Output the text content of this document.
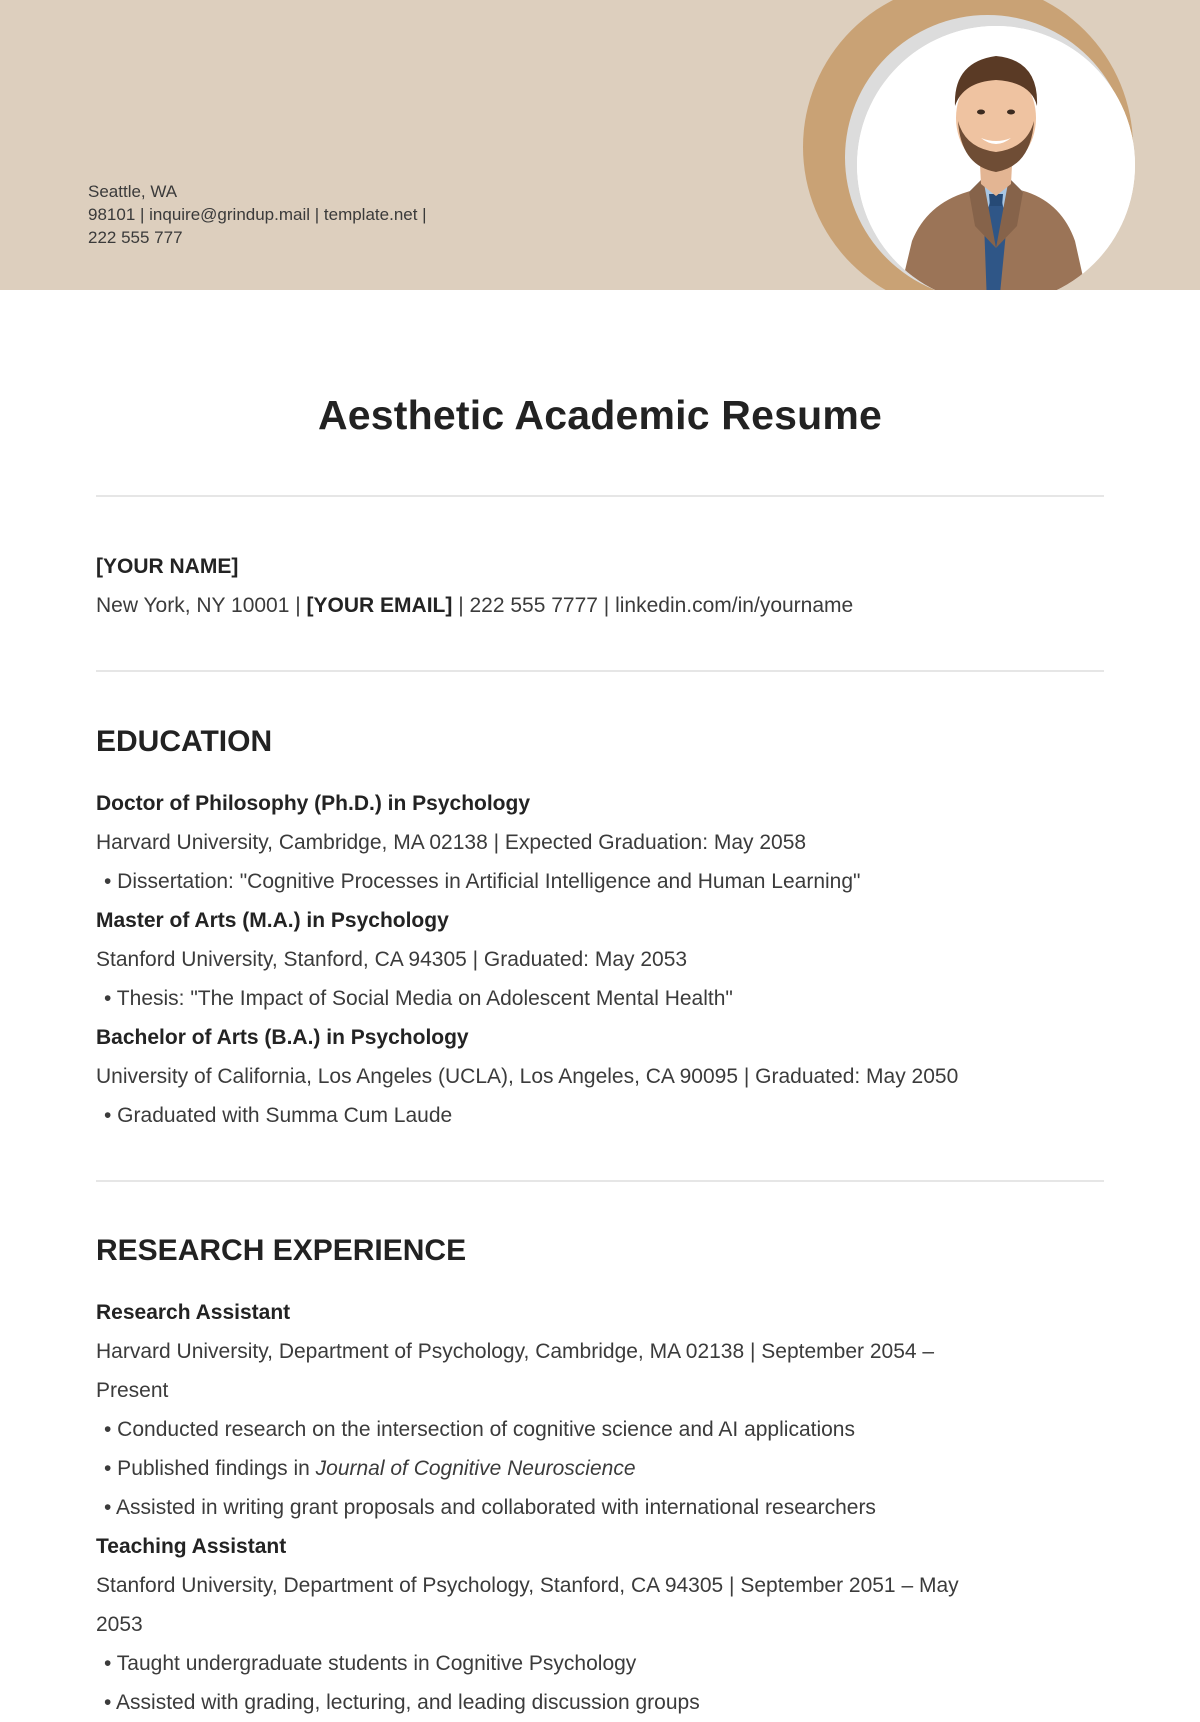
Seattle, WA
98101 | inquire@grindup.mail | template.net |
222 555 777
Aesthetic Academic Resume
[YOUR NAME]
New York, NY 10001 | [YOUR EMAIL] | 222 555 7777 | linkedin.com/in/yourname
EDUCATION
Doctor of Philosophy (Ph.D.) in Psychology
Harvard University, Cambridge, MA 02138 | Expected Graduation: May 2058
• Dissertation: "Cognitive Processes in Artificial Intelligence and Human Learning"
Master of Arts (M.A.) in Psychology
Stanford University, Stanford, CA 94305 | Graduated: May 2053
• Thesis: "The Impact of Social Media on Adolescent Mental Health"
Bachelor of Arts (B.A.) in Psychology
University of California, Los Angeles (UCLA), Los Angeles, CA 90095 | Graduated: May 2050
• Graduated with Summa Cum Laude
RESEARCH EXPERIENCE
Research Assistant
Harvard University, Department of Psychology, Cambridge, MA 02138 | September 2054 –
Present
• Conducted research on the intersection of cognitive science and AI applications
• Published findings in Journal of Cognitive Neuroscience
• Assisted in writing grant proposals and collaborated with international researchers
Teaching Assistant
Stanford University, Department of Psychology, Stanford, CA 94305 | September 2051 – May
2053
• Taught undergraduate students in Cognitive Psychology
• Assisted with grading, lecturing, and leading discussion groups
